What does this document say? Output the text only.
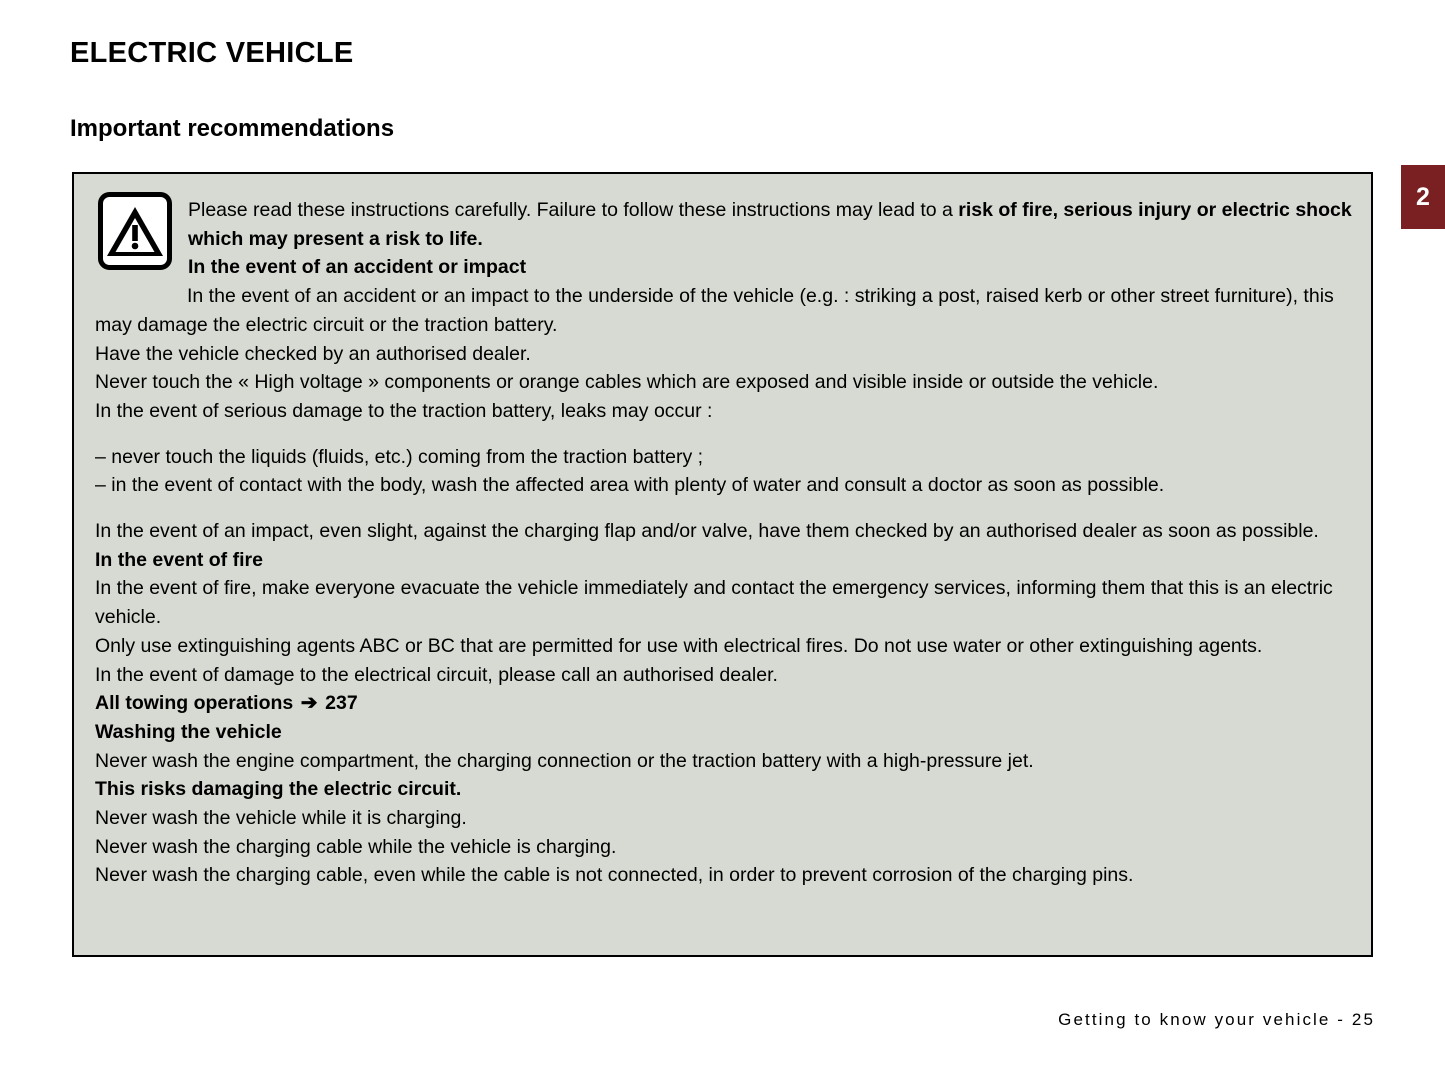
ELECTRIC VEHICLE
Important recommendations
2

Please read these instructions carefully. Failure to follow these instructions may lead to a risk of fire, serious injury or electric shock which may present a risk to life.

In the event of an accident or impact

In the event of an accident or an impact to the underside of the vehicle (e.g. : striking a post, raised kerb or other street furniture), this may damage the electric circuit or the traction battery.

Have the vehicle checked by an authorised dealer.

Never touch the « High voltage » components or orange cables which are exposed and visible inside or outside the vehicle.

In the event of serious damage to the traction battery, leaks may occur :

– never touch the liquids (fluids, etc.) coming from the traction battery ;

– in the event of contact with the body, wash the affected area with plenty of water and consult a doctor as soon as possible.

In the event of an impact, even slight, against the charging flap and/or valve, have them checked by an authorised dealer as soon as possible.

In the event of fire

In the event of fire, make everyone evacuate the vehicle immediately and contact the emergency services, informing them that this is an electric vehicle.

Only use extinguishing agents ABC or BC that are permitted for use with electrical fires. Do not use water or other extinguishing agents.

In the event of damage to the electrical circuit, please call an authorised dealer.

All towing operations ➔ 237

Washing the vehicle

Never wash the engine compartment, the charging connection or the traction battery with a high-pressure jet.

This risks damaging the electric circuit.

Never wash the vehicle while it is charging.

Never wash the charging cable while the vehicle is charging.

Never wash the charging cable, even while the cable is not connected, in order to prevent corrosion of the charging pins.

Getting to know your vehicle - 25
